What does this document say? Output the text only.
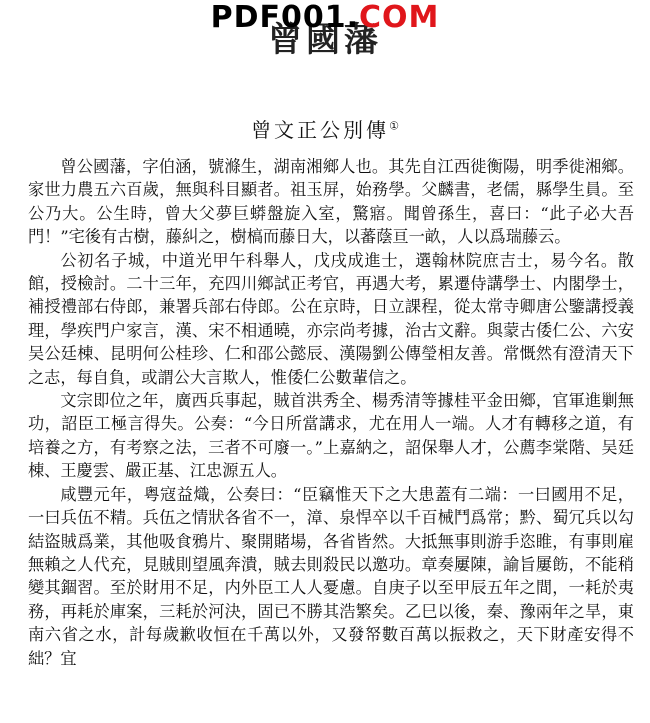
曾國藩
PDF001.COM
曾文正公別傳①

曾公國藩，字伯涵，號滌生，湖南湘鄉人也。其先自江西徙衡陽，明季徙湘鄉。家世力農五六百歲，無與科目顯者。祖玉屏，始務學。父麟書，老儒，縣學生員。至公乃大。公生時，曾大父夢巨蟒盤旋入室，驚寤。聞曾孫生，喜曰：“此子必大吾門！”宅後有古樹，藤糾之，樹槁而藤日大，以蕃蔭亘一畝，人以爲瑞藤云。

公初名子城，中道光甲午科舉人，戊戌成進士，選翰林院庶吉士，易今名。散館，授檢討。二十三年，充四川鄉試正考官，再遇大考，累遷侍講學士、内閣學士，補授禮部右侍郎，兼署兵部右侍郎。公在京時，日立課程，從太常寺卿唐公鑒講授義理，學疾門户家言，漢、宋不相通曉，亦宗尚考據，治古文辭。與蒙古倭仁公、六安吴公廷棟、昆明何公桂珍、仁和邵公懿辰、漢陽劉公傳瑩相友善。常慨然有澄清天下之志，每自負，或謂公大言欺人，惟倭仁公數輩信之。

文宗即位之年，廣西兵事起，賊首洪秀全、楊秀清等據桂平金田鄉，官軍進剿無功，詔臣工極言得失。公奏：“今日所當講求，尤在用人一端。人才有轉移之道，有培養之方，有考察之法，三者不可廢一。”上嘉納之，詔保舉人才，公薦李棠階、吴廷棟、王慶雲、嚴正基、江忠源五人。

咸豐元年，粤寇益熾，公奏曰：“臣竊惟天下之大患蓋有二端：一曰國用不足，一曰兵伍不精。兵伍之情狀各省不一，漳、泉悍卒以千百械鬥爲常；黔、蜀冗兵以勾結盜賊爲業，其他吸食鴉片、聚開賭場，各省皆然。大抵無事則游手恣睢，有事則雇無賴之人代充，見賊則望風奔潰，賊去則殺民以邀功。章奏屢陳，諭旨屢飭，不能稍變其錮習。至於財用不足，内外臣工人人憂慮。自庚子以至甲辰五年之間，一耗於夷務，再耗於庫案，三耗於河決，固已不勝其浩繁矣。乙巳以後，秦、豫兩年之旱，東南六省之水，計每歲歉收恒在千萬以外，又發帑數百萬以振救之，天下財產安得不絀？宜
